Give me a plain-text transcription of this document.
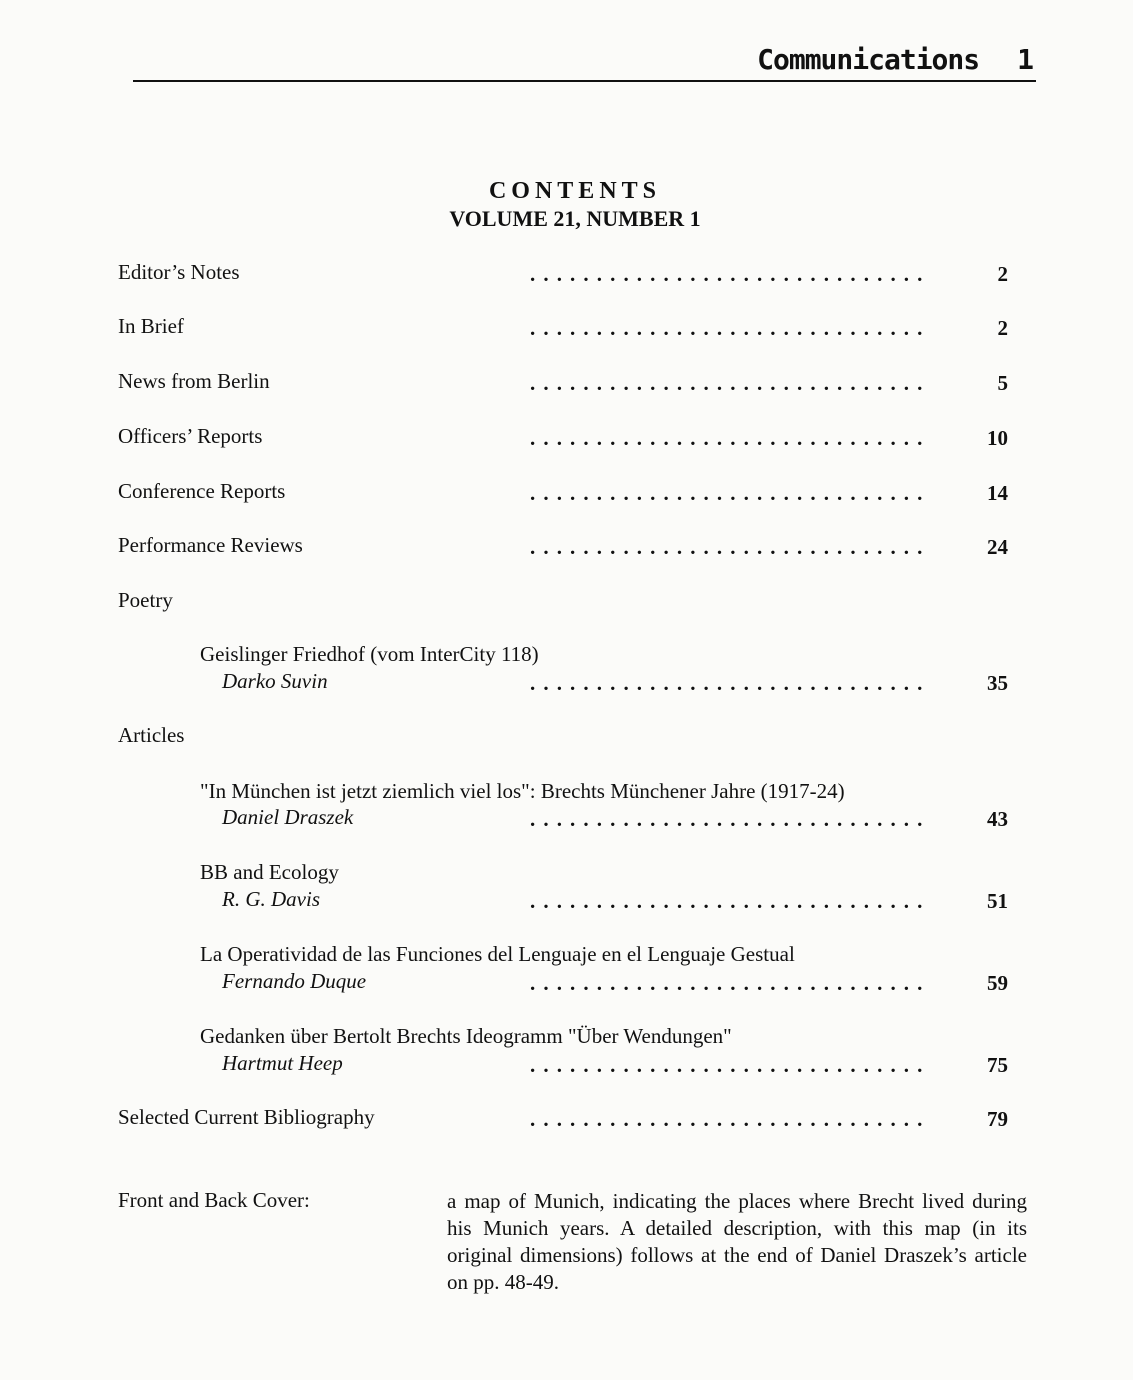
Communications 1
CONTENTS
VOLUME 21, NUMBER 1
Editor’s Notes	..............................	2
In Brief	..............................	2
News from Berlin	..............................	5
Officers’ Reports	..............................	10
Conference Reports	..............................	14
Performance Reviews	..............................	24
Poetry
Geislinger Friedhof (vom InterCity 118)
Darko Suvin	..............................	35
Articles
"In München ist jetzt ziemlich viel los": Brechts Münchener Jahre (1917-24)
Daniel Draszek	..............................	43
BB and Ecology
R. G. Davis	..............................	51
La Operatividad de las Funciones del Lenguaje en el Lenguaje Gestual
Fernando Duque	..............................	59
Gedanken über Bertolt Brechts Ideogramm "Über Wendungen"
Hartmut Heep	..............................	75
Selected Current Bibliography	..............................	79
Front and Back Cover:	a map of Munich, indicating the places where Brecht lived during his Munich years. A detailed description, with this map (in its original dimensions) follows at the end of Daniel Draszek’s article on pp. 48-49.
